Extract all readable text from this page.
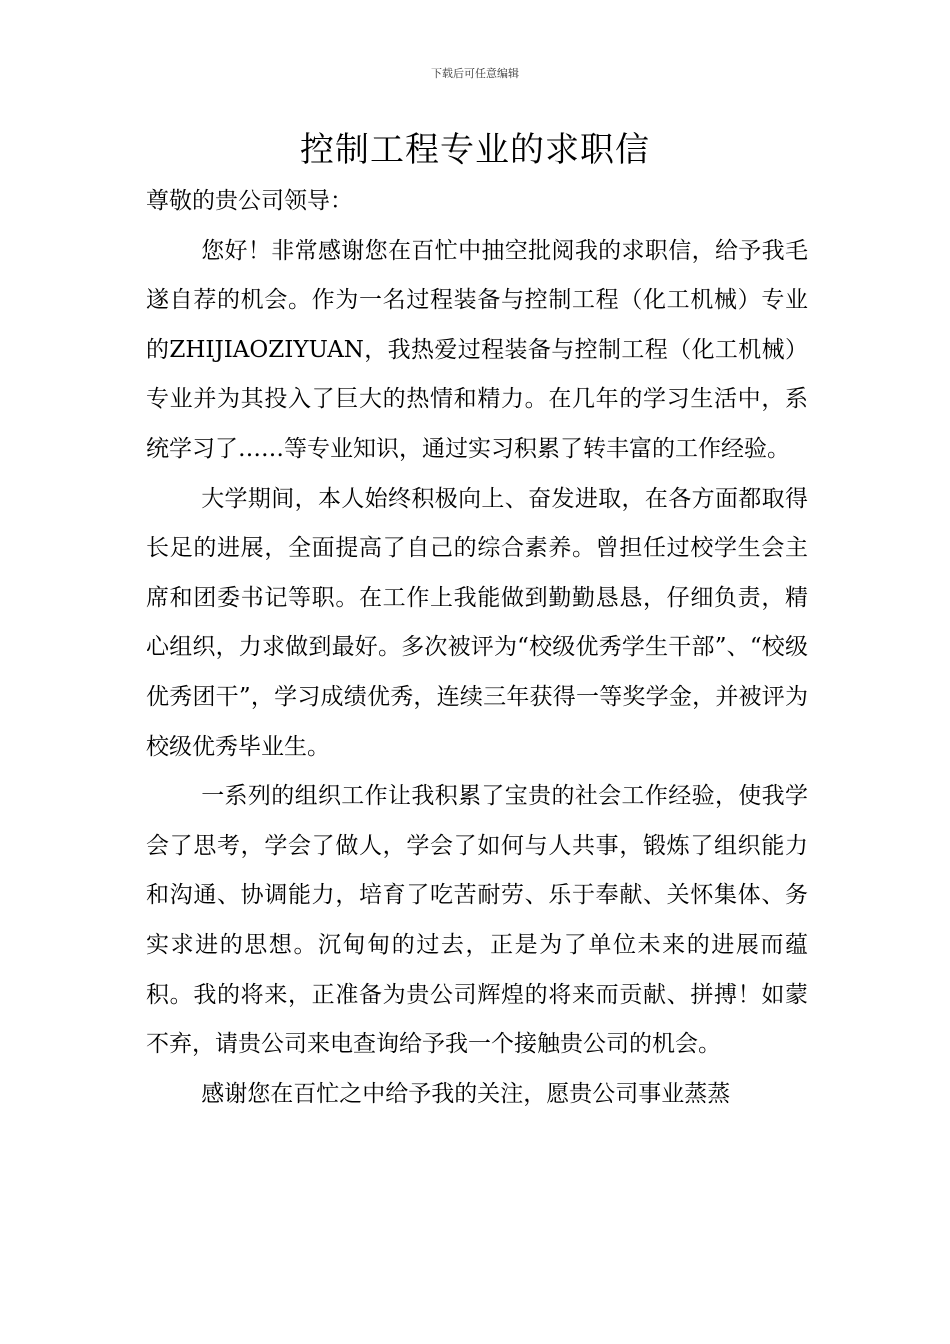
下载后可任意编辑
控制工程专业的求职信

尊敬的贵公司领导：

您好！非常感谢您在百忙中抽空批阅我的求职信，给予我毛遂自荐的机会。作为一名过程装备与控制工程（化工机械）专业的ZHIJIAOZIYUAN，我热爱过程装备与控制工程（化工机械）专业并为其投入了巨大的热情和精力。在几年的学习生活中，系统学习了……等专业知识，通过实习积累了转丰富的工作经验。

大学期间，本人始终积极向上、奋发进取，在各方面都取得长足的进展，全面提高了自己的综合素养。曾担任过校学生会主席和团委书记等职。在工作上我能做到勤勤恳恳，仔细负责，精心组织，力求做到最好。多次被评为“校级优秀学生干部”、“校级优秀团干”，学习成绩优秀，连续三年获得一等奖学金，并被评为校级优秀毕业生。

一系列的组织工作让我积累了宝贵的社会工作经验，使我学会了思考，学会了做人，学会了如何与人共事，锻炼了组织能力和沟通、协调能力，培育了吃苦耐劳、乐于奉献、关怀集体、务实求进的思想。沉甸甸的过去，正是为了单位未来的进展而蕴积。我的将来，正准备为贵公司辉煌的将来而贡献、拼搏！如蒙不弃，请贵公司来电查询给予我一个接触贵公司的机会。

感谢您在百忙之中给予我的关注，愿贵公司事业蒸蒸
